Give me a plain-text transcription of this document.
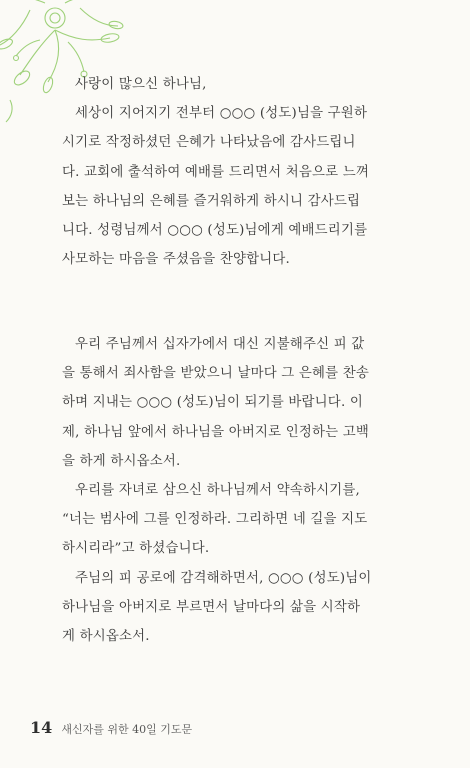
사랑이 많으신 하나님,
세상이 지어지기 전부터 ○○○ (성도)님을 구원하
시기로 작정하셨던 은혜가 나타났음에 감사드립니
다. 교회에 출석하여 예배를 드리면서 처음으로 느껴
보는 하나님의 은혜를 즐거워하게 하시니 감사드립
니다. 성령님께서 ○○○ (성도)님에게 예배드리기를
사모하는 마음을 주셨음을 찬양합니다.
우리 주님께서 십자가에서 대신 지불해주신 피 값
을 통해서 죄사함을 받았으니 날마다 그 은혜를 찬송
하며 지내는 ○○○ (성도)님이 되기를 바랍니다. 이
제, 하나님 앞에서 하나님을 아버지로 인정하는 고백
을 하게 하시옵소서.
우리를 자녀로 삼으신 하나님께서 약속하시기를,
“너는 범사에 그를 인정하라. 그리하면 네 길을 지도
하시리라”고 하셨습니다.
주님의 피 공로에 감격해하면서, ○○○ (성도)님이
하나님을 아버지로 부르면서 날마다의 삶을 시작하
게 하시옵소서.
14 새신자를 위한 40일 기도문
